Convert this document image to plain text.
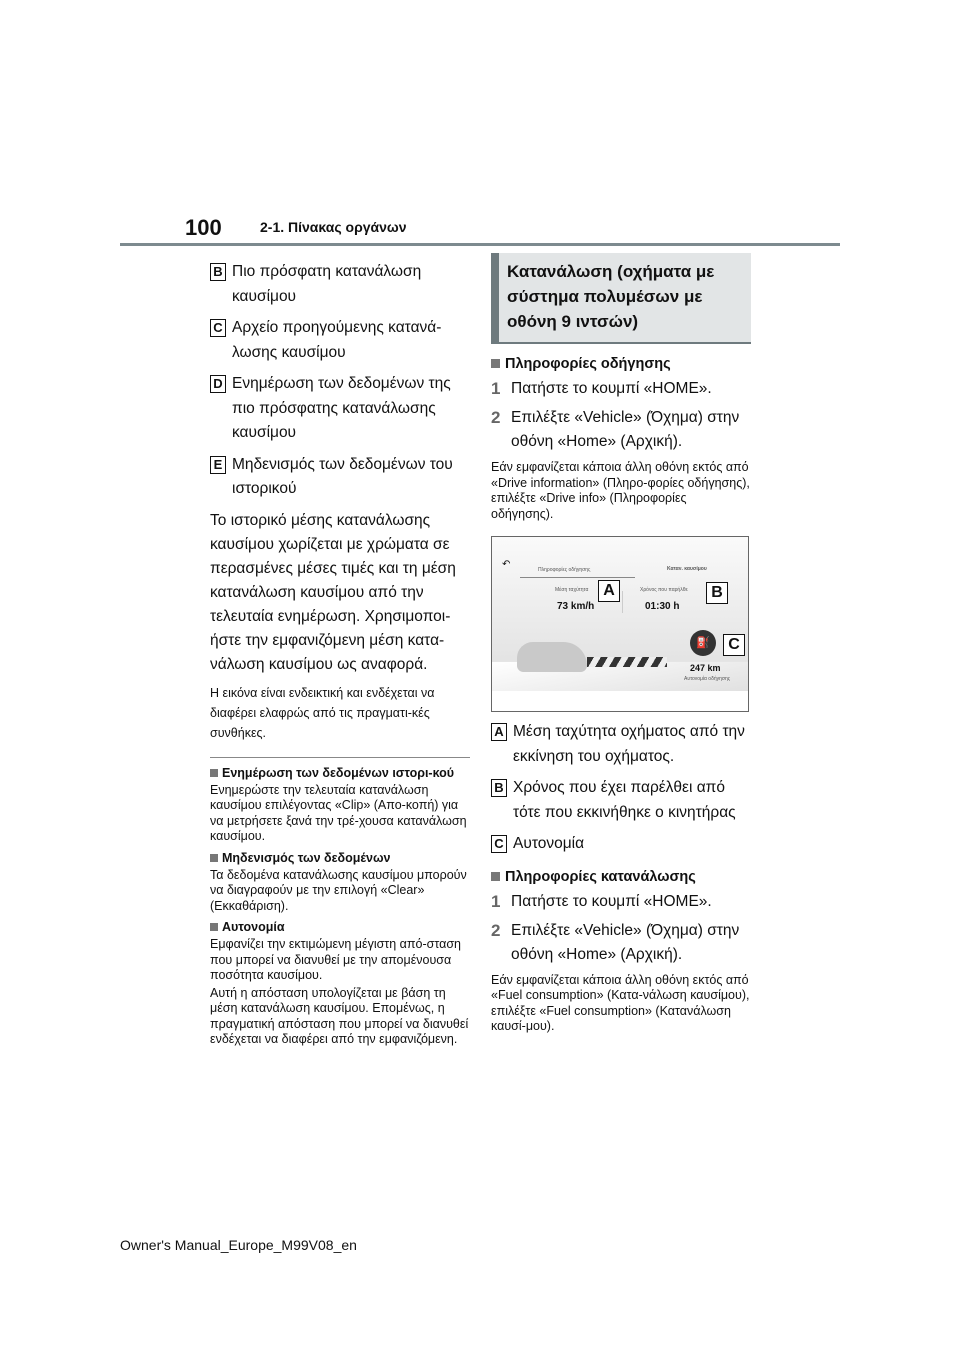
100	2-1. Πίνακας οργάνων
B Πιο πρόσφατη κατανάλωση καυσίμου
C Αρχείο προηγούμενης κατανά-λωσης καυσίμου
D Ενημέρωση των δεδομένων της πιο πρόσφατης κατανάλωσης καυσίμου
E Μηδενισμός των δεδομένων του ιστορικού
Το ιστορικό μέσης κατανάλωσης καυσίμου χωρίζεται με χρώματα σε περασμένες μέσες τιμές και τη μέση κατανάλωση καυσίμου από την τελευταία ενημέρωση. Χρησιμοποι-ήστε την εμφανιζόμενη μέση κατα-νάλωση καυσίμου ως αναφορά.
Η εικόνα είναι ενδεικτική και ενδέχεται να διαφέρει ελαφρώς από τις πραγματι-κές συνθήκες.
Ενημέρωση των δεδομένων ιστορι-κού
Ενημερώστε την τελευταία κατανάλωση καυσίμου επιλέγοντας «Clip» (Απο-κοπή) για να μετρήσετε ξανά την τρέ-χουσα κατανάλωση καυσίμου.
Μηδενισμός των δεδομένων
Τα δεδομένα κατανάλωσης καυσίμου μπορούν να διαγραφούν με την επιλογή «Clear» (Εκκαθάριση).
Αυτονομία
Εμφανίζει την εκτιμώμενη μέγιστη από-σταση που μπορεί να διανυθεί με την απομένουσα ποσότητα καυσίμου.
Αυτή η απόσταση υπολογίζεται με βάση τη μέση κατανάλωση καυσίμου. Επομένως, η πραγματική απόσταση που μπορεί να διανυθεί ενδέχεται να διαφέρει από την εμφανιζόμενη.
Κατανάλωση (οχήματα με σύστημα πολυμέσων με οθόνη 9 ιντσών)
Πληροφορίες οδήγησης
1 Πατήστε το κουμπί «HOME».
2 Επιλέξτε «Vehicle» (Όχημα) στην οθόνη «Home» (Αρχική).
Εάν εμφανίζεται κάποια άλλη οθόνη εκτός από «Drive information» (Πληρο-φορίες οδήγησης), επιλέξτε «Drive info» (Πληροφορίες οδήγησης).
↶	Πληροφορίες οδήγησης	Καταν. καυσίμου
Μέση ταχύτητα
73 km/h
Χρόνος που παρήλθε
01:30 h
⛽
247 km
Αυτονομία οδήγησης
A	B
C
A Μέση ταχύτητα οχήματος από την εκκίνηση του οχήματος.
B Χρόνος που έχει παρέλθει από τότε που εκκινήθηκε ο κινητήρας
C Αυτονομία
Πληροφορίες κατανάλωσης
1 Πατήστε το κουμπί «HOME».
2 Επιλέξτε «Vehicle» (Όχημα) στην οθόνη «Home» (Αρχική).
Εάν εμφανίζεται κάποια άλλη οθόνη εκτός από «Fuel consumption» (Κατα-νάλωση καυσίμου), επιλέξτε «Fuel consumption» (Κατανάλωση καυσί-μου).
Owner's Manual_Europe_M99V08_en
